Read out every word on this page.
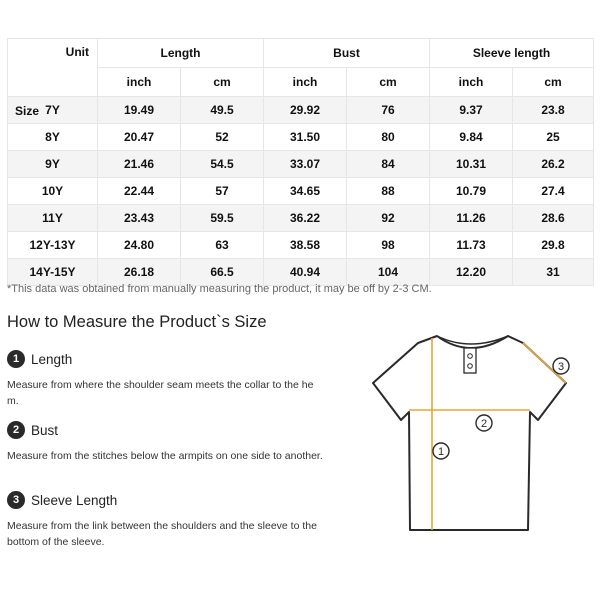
Unit
Size	Length		Bust		Sleeve length	
	inch	cm	inch	cm	inch	cm
7Y	19.49	49.5	29.92	76	9.37	23.8
8Y	20.47	52	31.50	80	9.84	25
9Y	21.46	54.5	33.07	84	10.31	26.2
10Y	22.44	57	34.65	88	10.79	27.4
11Y	23.43	59.5	36.22	92	11.26	28.6
12Y-13Y	24.80	63	38.58	98	11.73	29.8
14Y-15Y	26.18	66.5	40.94	104	12.20	31
*This data was obtained from manually measuring the product, it may be off by 2-3 CM.
How to Measure the Product`s Size
1 Length
Measure from where the shoulder seam meets the collar to the hem.
2 Bust
Measure from the stitches below the armpits on one side to another.
3 Sleeve Length
Measure from the link between the shoulders and the sleeve to the bottom of the sleeve.
1
2
3
